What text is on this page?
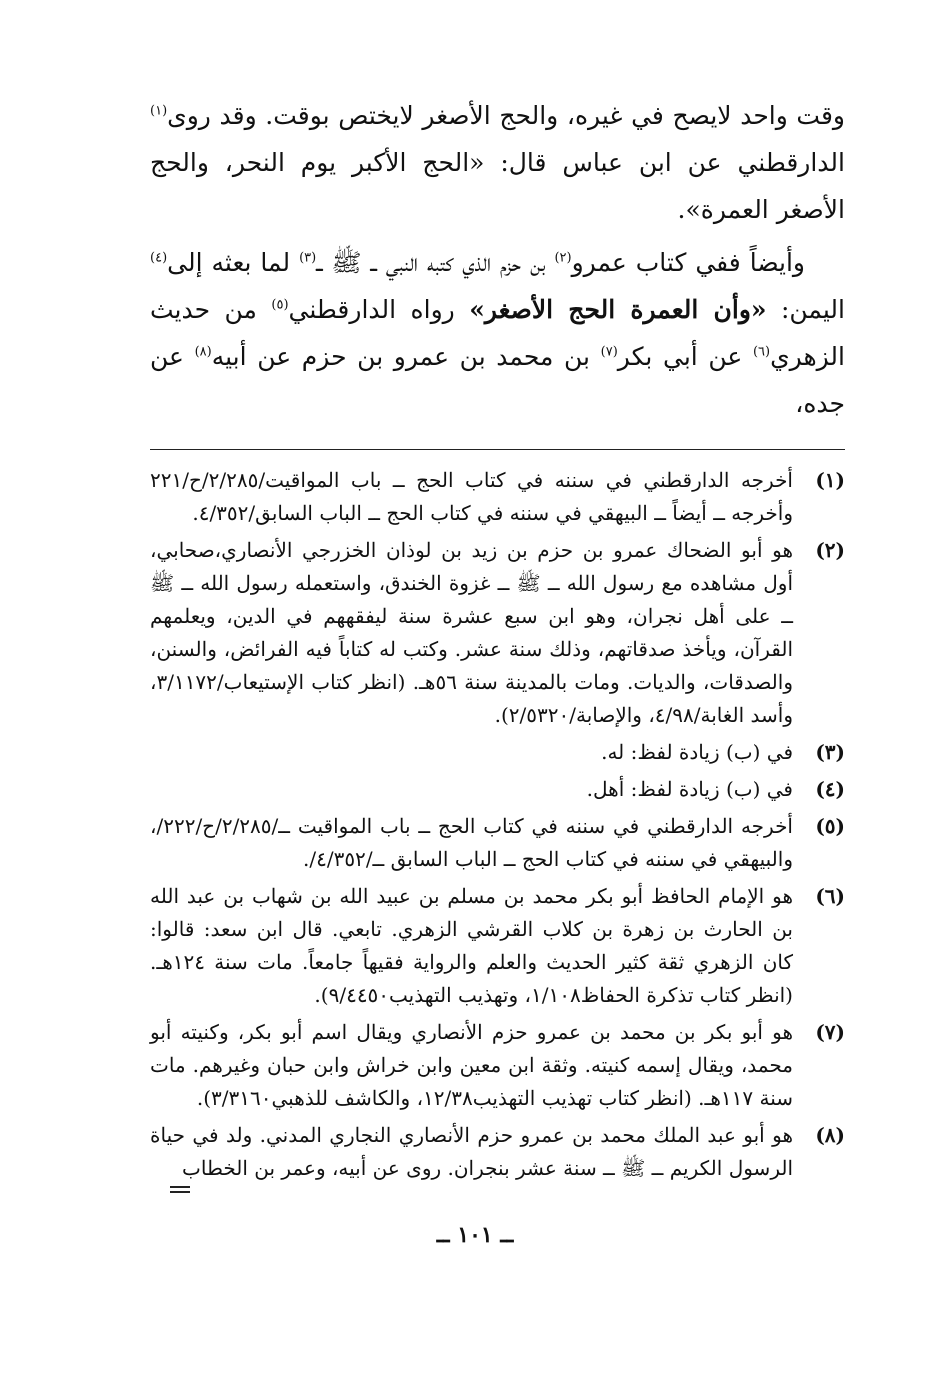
وقت واحد لايصح في غيره، والحج الأصغر لايختص بوقت. وقد روى$^{(١)}$ الدارقطني عن ابن عباس قال: «الحج الأكبر يوم النحر، والحج الأصغر العمرة».

وأيضاً ففي كتاب عمرو$^{(٢)}$ بن حزم الذي كتبه النبي ــ ﷺ ــ$^{(٣)}$ لما بعثه إلى$^{(٤)}$ اليمن: «وأن العمرة الحج الأصغر» رواه الدارقطني$^{(٥)}$ من حديث الزهري$^{(٦)}$ عن أبي بكر$^{(٧)}$ بن محمد بن عمرو بن حزم عن أبيه$^{(٨)}$ عن جده،

(١)
أخرجه الدارقطني في سننه في كتاب الحج ــ باب المواقيت/٢/٢٨٥/ح/٢٢١ وأخرجه ــ أيضاً ــ البيهقي في سننه في كتاب الحج ــ الباب السابق/٤/٣٥٢.
(٢)
هو أبو الضحاك عمرو بن حزم بن زيد بن لوذان الخزرجي الأنصاري،صحابي، أول مشاهده مع رسول الله ــ ﷺ ــ غزوة الخندق، واستعمله رسول الله ــ ﷺ ــ على أهل نجران، وهو ابن سبع عشرة سنة ليفقههم في الدين، ويعلمهم القرآن، ويأخذ صدقاتهم، وذلك سنة عشر. وكتب له كتاباً فيه الفرائض، والسنن، والصدقات، والديات. ومات بالمدينة سنة ٥٦هـ. (انظر كتاب الإستيعاب/٣/١١٧٢، وأسد الغابة/٤/٩٨، والإصابة/٢/٥٣٢٠).
(٣)
في (ب) زيادة لفظ: له.
(٤)
في (ب) زيادة لفظ: أهل.
(٥)
أخرجه الدارقطني في سننه في كتاب الحج ــ باب المواقيت ــ/٢/٢٨٥/ح/٢٢٢/، والبيهقي في سننه في كتاب الحج ــ الباب السابق ــ/٤/٣٥٢/.
(٦)
هو الإمام الحافظ أبو بكر محمد بن مسلم بن عبيد الله بن شهاب بن عبد الله بن الحارث بن زهرة بن كلاب القرشي الزهري. تابعي. قال ابن سعد: قالوا: كان الزهري ثقة كثير الحديث والعلم والرواية فقيهاً جامعاً. مات سنة ١٢٤هـ. (انظر كتاب تذكرة الحفاظ١/١٠٨، وتهذيب التهذيب٩/٤٤٥٠).
(٧)
هو أبو بكر بن محمد بن عمرو حزم الأنصاري ويقال اسم أبو بكر، وكنيته أبو محمد، ويقال إسمه كنيته. وثقة ابن معين وابن خراش وابن حبان وغيرهم. مات سنة ١١٧هـ. (انظر كتاب تهذيب التهذيب١٢/٣٨، والكاشف للذهبي٣/٣١٦٠).
(٨)
هو أبو عبد الملك محمد بن عمرو حزم الأنصاري النجاري المدني. ولد في حياة الرسول الكريم ــ ﷺ ــ سنة عشر بنجران. روى عن أبيه، وعمر بن الخطاب
ــ ١٠١ ــ
